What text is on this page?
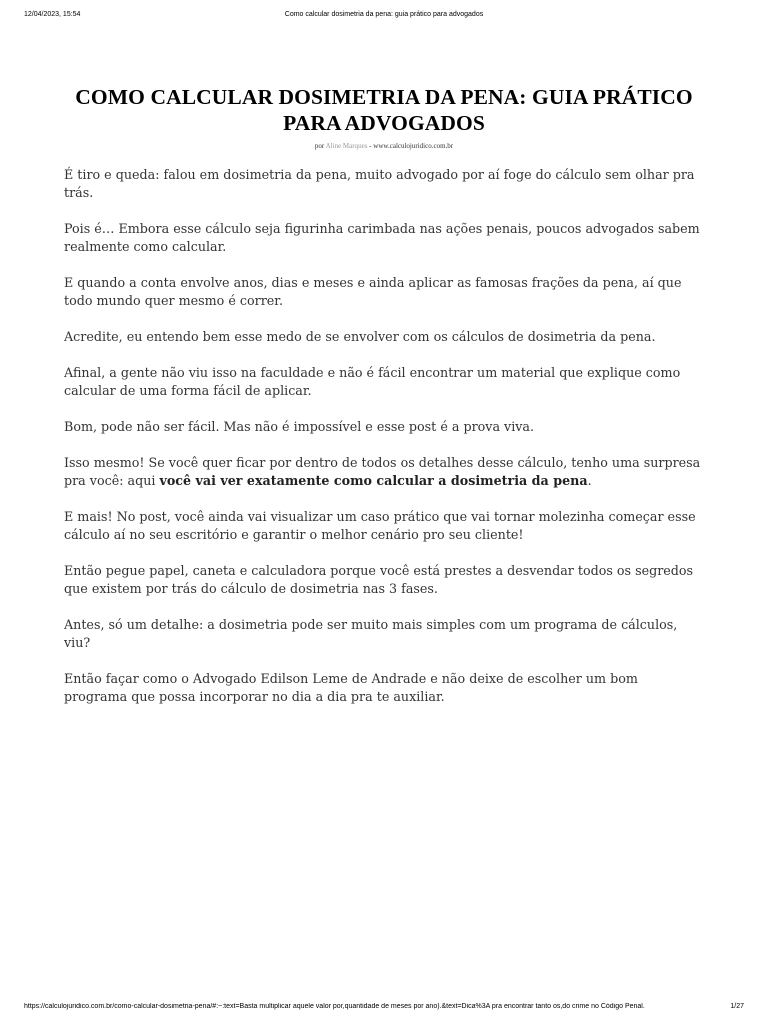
12/04/2023, 15:54	Como calcular dosimetria da pena: guia prático para advogados
COMO CALCULAR DOSIMETRIA DA PENA: GUIA PRÁTICO PARA ADVOGADOS
por Aline Marques - www.calculojuridico.com.br

É tiro e queda: falou em dosimetria da pena, muito advogado por aí foge do cálculo sem olhar pra trás.

Pois é… Embora esse cálculo seja figurinha carimbada nas ações penais, poucos advogados sabem realmente como calcular.

E quando a conta envolve anos, dias e meses e ainda aplicar as famosas frações da pena, aí que todo mundo quer mesmo é correr.

Acredite, eu entendo bem esse medo de se envolver com os cálculos de dosimetria da pena.

Afinal, a gente não viu isso na faculdade e não é fácil encontrar um material que explique como calcular de uma forma fácil de aplicar.

Bom, pode não ser fácil. Mas não é impossível e esse post é a prova viva.

Isso mesmo! Se você quer ficar por dentro de todos os detalhes desse cálculo, tenho uma surpresa pra você: aqui você vai ver exatamente como calcular a dosimetria da pena.

E mais! No post, você ainda vai visualizar um caso prático que vai tornar molezinha começar esse cálculo aí no seu escritório e garantir o melhor cenário pro seu cliente!

Então pegue papel, caneta e calculadora porque você está prestes a desvendar todos os segredos que existem por trás do cálculo de dosimetria nas 3 fases.

Antes, só um detalhe: a dosimetria pode ser muito mais simples com um programa de cálculos, viu?

Então façar como o Advogado Edilson Leme de Andrade e não deixe de escolher um bom programa que possa incorporar no dia a dia pra te auxiliar.

https://calculojuridico.com.br/como-calcular-dosimetria-pena/#:~:text=Basta multiplicar aquele valor por,quantidade de meses por ano).&text=Dica%3A pra encontrar tanto os,do crime no Código Penal.	1/27
